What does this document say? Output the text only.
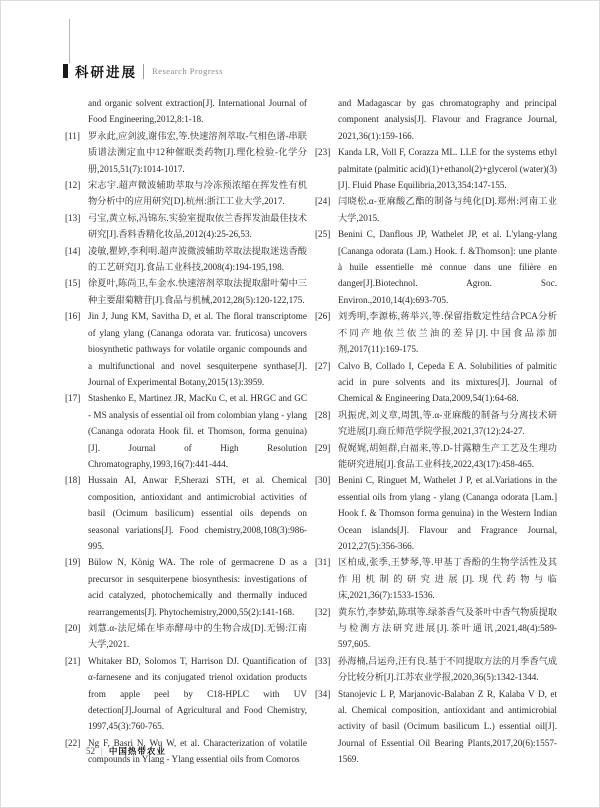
科研进展 Research Progress
and organic solvent extraction[J]. International Journal of Food Engineering,2012,8:1-18.
[11] 罗永此,应剑波,谢伟宏,等.快速溶剂萃取-气相色谱-串联质谱法测定血中12种催眠类药物[J].理化检验-化学分册,2015,51(7):1014-1017.
[12] 宋志宇.超声微波辅助萃取与冷冻预浓缩在挥发性有机物分析中的应用研究[D].杭州:浙江工业大学,2017.
[13] 弓宝,黄立标,冯锦东.实验室提取依兰香挥发油最佳技术研究[J].香料香精化妆品,2012(4):25-26,53.
[14] 凌敏,瞿婷,李利明.超声波微波辅助萃取法提取迷迭香酸的工艺研究[J].食品工业科技,2008(4):194-195,198.
[15] 徐夏叶,陈尚卫,车金水.快速溶剂萃取法提取甜叶菊中三种主要甜菊糖苷[J].食品与机械,2012,28(5):120-122,175.
[16] Jin J, Jung KM, Savitha D, et al. The floral transcriptome of ylang ylang (Cananga odorata var. fruticosa) uncovers biosynthetic pathways for volatile organic compounds and a multifunctional and novel sesquiterpene synthase[J]. Journal of Experimental Botany,2015(13):3959.
[17] Stashenko E, Martinez JR, MacKu C, et al. HRGC and GC - MS analysis of essential oil from colombian ylang - ylang (Cananga odorata Hook fil. et Thomson, forma genuina)[J]. Journal of High Resolution Chromatography,1993,16(7):441-444.
[18] Hussain AI, Anwar F,Sherazi STH, et al. Chemical composition, antioxidant and antimicrobial activities of basil (Ocimum basilicum) essential oils depends on seasonal variations[J]. Food chemistry,2008,108(3):986-995.
[19] Bülow N, König WA. The role of germacrene D as a precursor in sesquiterpene biosynthesis: investigations of acid catalyzed, photochemically and thermally induced rearrangements[J]. Phytochemistry,2000,55(2):141-168.
[20] 刘慧.α-法尼烯在毕赤酵母中的生物合成[D].无锡:江南大学,2021.
[21] Whitaker BD, Solomos T, Harrison DJ. Quantification of α-farnesene and its conjugated trienol oxidation products from apple peel by C18-HPLC with UV detection[J].Journal of Agricultural and Food Chemistry, 1997,45(3):760-765.
[22] Ng F, Basri N, Wu W, et al. Characterization of volatile compounds in Ylang - Ylang essential oils from Comoros
and Madagascar by gas chromatography and principal component analysis[J]. Flavour and Fragrance Journal, 2021,36(1):159-166.
[23] Kanda LR, Voll F, Corazza ML. LLE for the systems ethyl palmitate (palmitic acid)(1)+ethanol(2)+glycerol (water)(3)[J]. Fluid Phase Equilibria,2013,354:147-155.
[24] 闫晓松.α-亚麻酸乙酯的制备与纯化[D].郑州:河南工业大学,2015.
[25] Benini C, Danflous JP, Wathelet JP, et al. L'ylang-ylang [Cananga odorata (Lam.) Hook. f. &Thomson]: une plante à huile essentielle mè connue dans une filière en danger[J].Biotechnol. Agron. Soc. Environ.,2010,14(4):693-705.
[26] 刘秀明,李源栋,蒋举兴,等.保留指数定性结合PCA分析不同产地依兰依兰油的差异[J].中国食品添加剂,2017(11):169-175.
[27] Calvo B, Collado I, Cepeda E A. Solubilities of palmitic acid in pure solvents and its mixtures[J]. Journal of Chemical & Engineering Data,2009,54(1):64-68.
[28] 巩振虎,刘义章,周凯,等.α-亚麻酸的制备与分离技术研究进展[J].商丘师范学院学报,2021,37(12):24-27.
[29] 倪娓娓,胡姮群,白福来,等.D-甘露糖生产工艺及生理功能研究进展[J].食品工业科技,2022,43(17):458-465.
[30] Benini C, Ringuet M, Wathelet J P, et al.Variations in the essential oils from ylang - ylang (Cananga odorata [Lam.] Hook f. & Thomson forma genuina) in the Western Indian Ocean islands[J]. Flavour and Fragrance Journal, 2012,27(5):356-366.
[31] 区柏成,张季,王梦琴,等.甲基丁香酚的生物学活性及其作用机制的研究进展[J].现代药物与临床,2021,36(7):1533-1536.
[32] 黄东竹,李梦茹,陈琪等.绿茶香气及茶叶中香气物质提取与检测方法研究进展[J].茶叶通讯,2021,48(4):589-597,605.
[33] 孙海楠,吕运舟,汪有良.基于不同提取方法的月季香气成分比较分析[J].江苏农业学报,2020,36(5):1342-1344.
[34] Stanojevic L P, Marjanovic-Balaban Z R, Kalaba V D, et al. Chemical composition, antioxidant and antimicrobial activity of basil (Ocimum basilicum L.) essential oil[J]. Journal of Essential Oil Bearing Plants,2017,20(6):1557-1569.
52 | 中国热带农业
